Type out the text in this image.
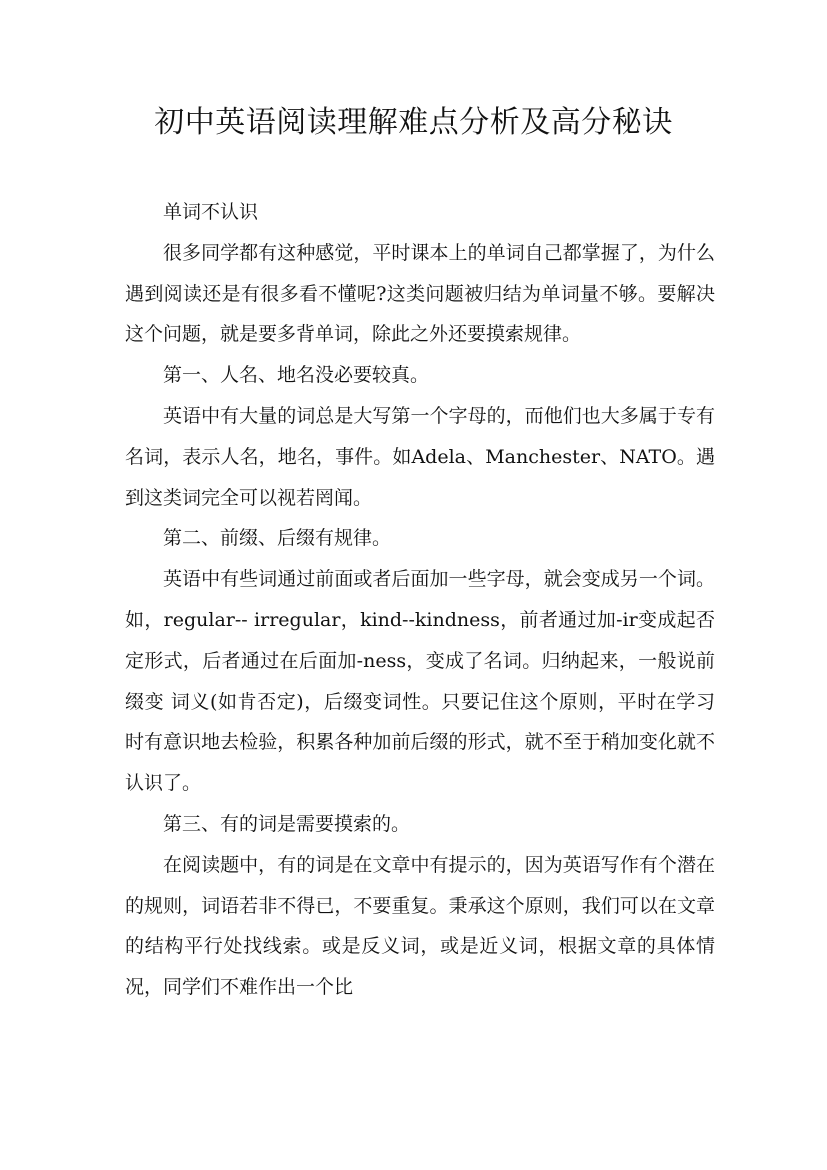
初中英语阅读理解难点分析及高分秘诀

单词不认识

很多同学都有这种感觉，平时课本上的单词自己都掌握了，为什么遇到阅读还是有很多看不懂呢?这类问题被归结为单词量不够。要解决这个问题，就是要多背单词，除此之外还要摸索规律。

第一、人名、地名没必要较真。

英语中有大量的词总是大写第一个字母的，而他们也大多属于专有名词，表示人名，地名，事件。如Adela、Manchester、NATO。遇到这类词完全可以视若罔闻。

第二、前缀、后缀有规律。

英语中有些词通过前面或者后面加一些字母，就会变成另一个词。如，regular-- irregular，kind--kindness，前者通过加-ir变成起否定形式，后者通过在后面加-ness，变成了名词。归纳起来，一般说前缀变 词义(如肯否定)，后缀变词性。只要记住这个原则，平时在学习时有意识地去检验，积累各种加前后缀的形式，就不至于稍加变化就不认识了。

第三、有的词是需要摸索的。

在阅读题中，有的词是在文章中有提示的，因为英语写作有个潜在的规则，词语若非不得已，不要重复。秉承这个原则，我们可以在文章的结构平行处找线索。或是反义词，或是近义词，根据文章的具体情况，同学们不难作出一个比
